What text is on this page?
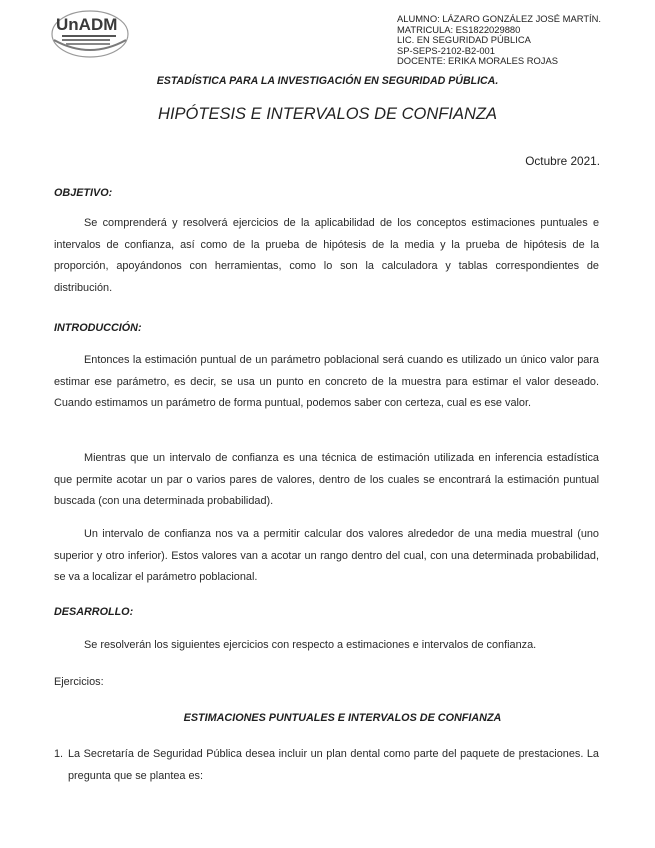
UnADM	ALUMNO: LÁZARO GONZÁLEZ JOSÉ MARTÍN.
MATRICULA: ES1822029880
LIC. EN SEGURIDAD PÚBLICA
SP-SEPS-2102-B2-001
DOCENTE: ERIKA MORALES ROJAS
ESTADÍSTICA PARA LA INVESTIGACIÓN EN SEGURIDAD PÚBLICA.
HIPÓTESIS E INTERVALOS DE CONFIANZA
Octubre 2021.
OBJETIVO:
Se comprenderá y resolverá ejercicios de la aplicabilidad de los conceptos estimaciones puntuales e intervalos de confianza, así como de la prueba de hipótesis de la media y la prueba de hipótesis de la proporción, apoyándonos con herramientas, como lo son la calculadora y tablas correspondientes de distribución.
INTRODUCCIÓN:
Entonces la estimación puntual de un parámetro poblacional será cuando es utilizado un único valor para estimar ese parámetro, es decir, se usa un punto en concreto de la muestra para estimar el valor deseado. Cuando estimamos un parámetro de forma puntual, podemos saber con certeza, cual es ese valor.
Mientras que un intervalo de confianza es una técnica de estimación utilizada en inferencia estadística que permite acotar un par o varios pares de valores, dentro de los cuales se encontrará la estimación puntual buscada (con una determinada probabilidad).
Un intervalo de confianza nos va a permitir calcular dos valores alrededor de una media muestral (uno superior y otro inferior). Estos valores van a acotar un rango dentro del cual, con una determinada probabilidad, se va a localizar el parámetro poblacional.
DESARROLLO:
Se resolverán los siguientes ejercicios con respecto a estimaciones e intervalos de confianza.
Ejercicios:
ESTIMACIONES PUNTUALES E INTERVALOS DE CONFIANZA
1. La Secretaría de Seguridad Pública desea incluir un plan dental como parte del paquete de prestaciones. La pregunta que se plantea es:
